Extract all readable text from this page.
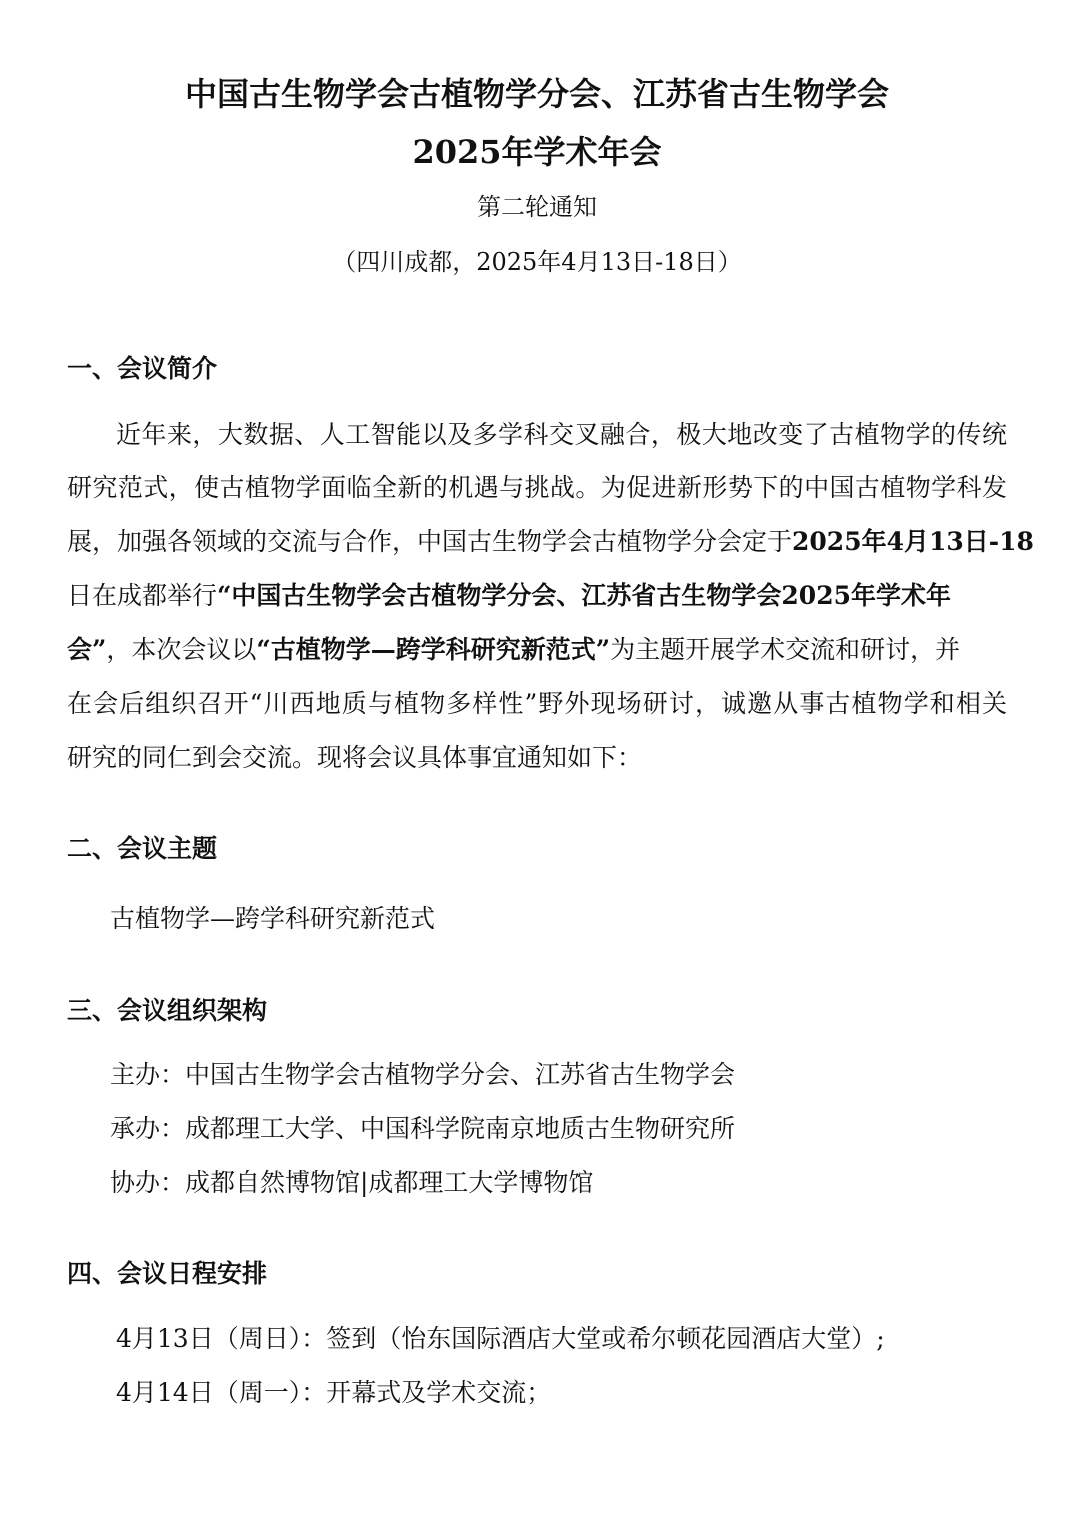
中国古生物学会古植物学分会、江苏省古生物学会
2025年学术年会
第二轮通知
（四川成都，2025年4月13日-18日）
一、会议简介
近年来，大数据、人工智能以及多学科交叉融合，极大地改变了古植物学的传统
研究范式，使古植物学面临全新的机遇与挑战。为促进新形势下的中国古植物学科发
展，加强各领域的交流与合作，中国古生物学会古植物学分会定于2025年4月13日-18
日在成都举行“中国古生物学会古植物学分会、江苏省古生物学会2025年学术年
会”，本次会议以“古植物学—跨学科研究新范式”为主题开展学术交流和研讨，并
在会后组织召开“川西地质与植物多样性”野外现场研讨，诚邀从事古植物学和相关
研究的同仁到会交流。现将会议具体事宜通知如下：
二、会议主题
古植物学—跨学科研究新范式
三、会议组织架构
主办：中国古生物学会古植物学分会、江苏省古生物学会
承办：成都理工大学、中国科学院南京地质古生物研究所
协办：成都自然博物馆|成都理工大学博物馆
四、会议日程安排
4月13日（周日）：签到（怡东国际酒店大堂或希尔顿花园酒店大堂）;
4月14日（周一）：开幕式及学术交流；
